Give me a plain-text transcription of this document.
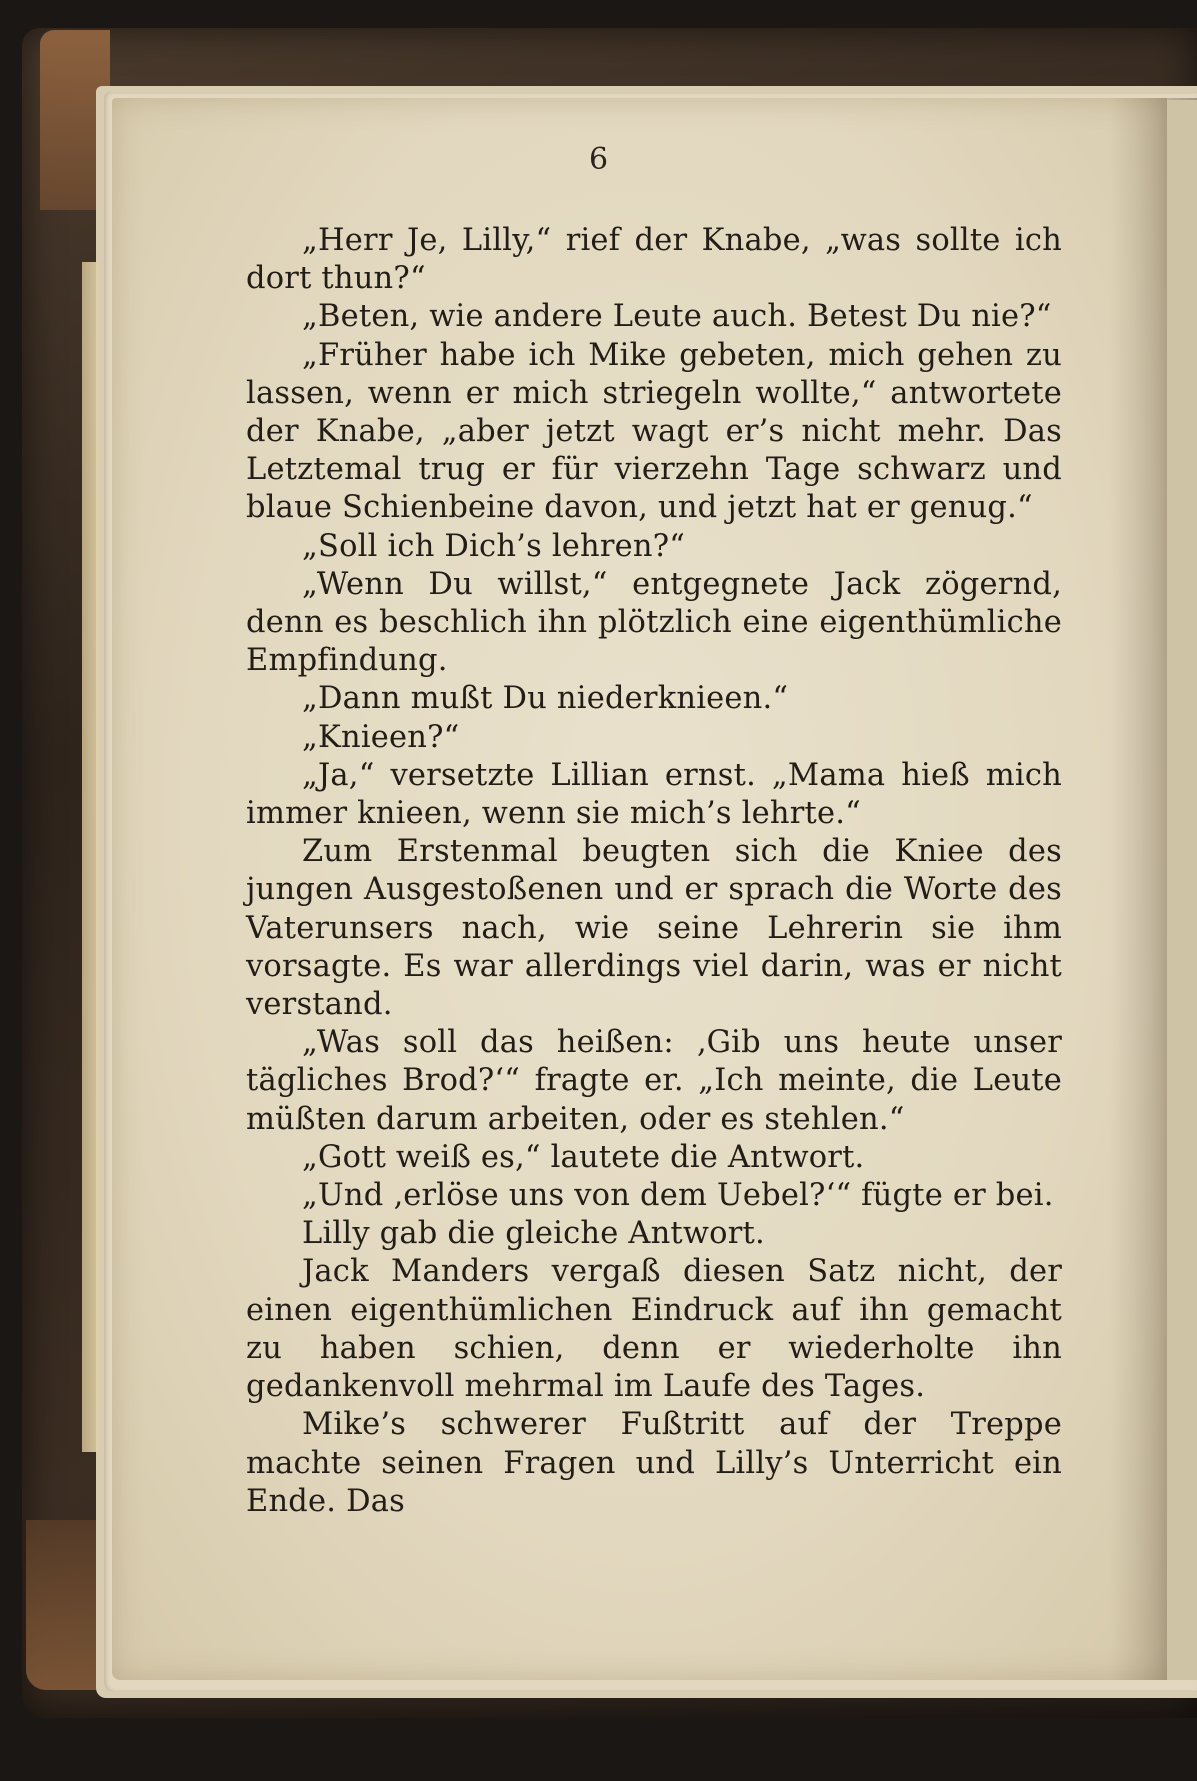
6

„Herr Je, Lilly,“ rief der Knabe, „was sollte ich dort thun?“

„Beten, wie andere Leute auch. Betest Du nie?“

„Früher habe ich Mike gebeten, mich gehen zu lassen, wenn er mich striegeln wollte,“ antwortete der Knabe, „aber jetzt wagt er’s nicht mehr. Das Letztemal trug er für vierzehn Tage schwarz und blaue Schienbeine davon, und jetzt hat er genug.“

„Soll ich Dich’s lehren?“

„Wenn Du willst,“ entgegnete Jack zögernd, denn es beschlich ihn plötzlich eine eigenthümliche Empfindung.

„Dann mußt Du niederknieen.“

„Knieen?“

„Ja,“ versetzte Lillian ernst. „Mama hieß mich immer knieen, wenn sie mich’s lehrte.“

Zum Erstenmal beugten sich die Kniee des jungen Ausgestoßenen und er sprach die Worte des Vaterunsers nach, wie seine Lehrerin sie ihm vorsagte. Es war allerdings viel darin, was er nicht verstand.

„Was soll das heißen: ‚Gib uns heute unser tägliches Brod?‘“ fragte er. „Ich meinte, die Leute müßten darum arbeiten, oder es stehlen.“

„Gott weiß es,“ lautete die Antwort.

„Und ‚erlöse uns von dem Uebel?‘“ fügte er bei.

Lilly gab die gleiche Antwort.

Jack Manders vergaß diesen Satz nicht, der einen eigenthümlichen Eindruck auf ihn gemacht zu haben schien, denn er wiederholte ihn gedankenvoll mehrmal im Laufe des Tages.

Mike’s schwerer Fußtritt auf der Treppe machte seinen Fragen und Lilly’s Unterricht ein Ende. Das
